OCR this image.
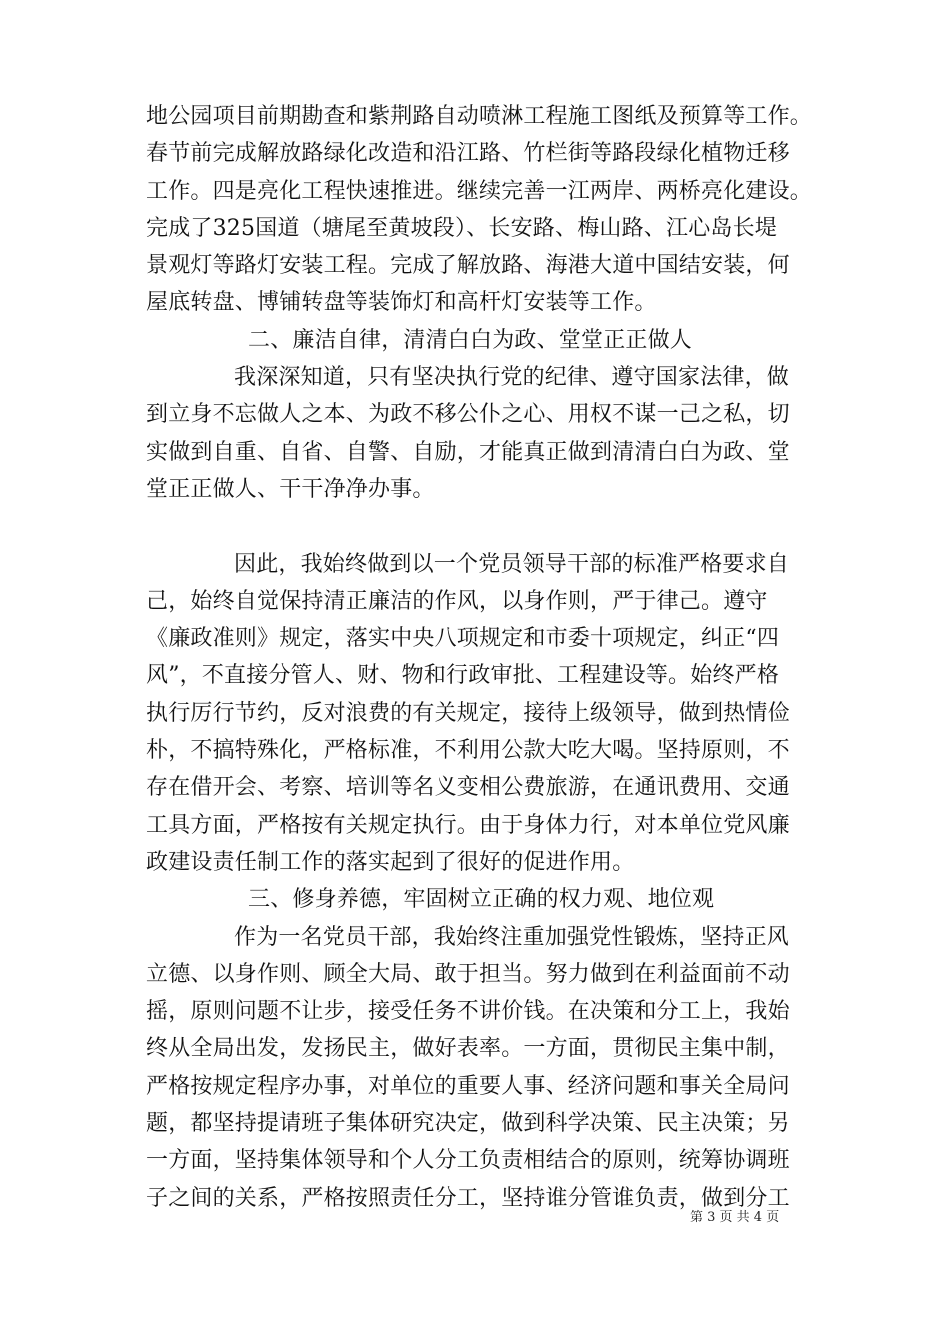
地公园项目前期勘查和紫荆路自动喷淋工程施工图纸及预算等工作。
春节前完成解放路绿化改造和沿江路、竹栏街等路段绿化植物迁移
工作。四是亮化工程快速推进。继续完善一江两岸、两桥亮化建设。
完成了325国道（塘尾至黄坡段）、长安路、梅山路、江心岛长堤
景观灯等路灯安装工程。完成了解放路、海港大道中国结安装，何
屋底转盘、博铺转盘等装饰灯和高杆灯安装等工作。
二、廉洁自律，清清白白为政、堂堂正正做人
我深深知道，只有坚决执行党的纪律、遵守国家法律，做
到立身不忘做人之本、为政不移公仆之心、用权不谋一己之私，切
实做到自重、自省、自警、自励，才能真正做到清清白白为政、堂
堂正正做人、干干净净办事。
因此，我始终做到以一个党员领导干部的标准严格要求自
己，始终自觉保持清正廉洁的作风，以身作则，严于律己。遵守
《廉政准则》规定，落实中央八项规定和市委十项规定，纠正“四
风”，不直接分管人、财、物和行政审批、工程建设等。始终严格
执行厉行节约，反对浪费的有关规定，接待上级领导，做到热情俭
朴，不搞特殊化，严格标准，不利用公款大吃大喝。坚持原则，不
存在借开会、考察、培训等名义变相公费旅游，在通讯费用、交通
工具方面，严格按有关规定执行。由于身体力行，对本单位党风廉
政建设责任制工作的落实起到了很好的促进作用。
三、修身养德，牢固树立正确的权力观、地位观
作为一名党员干部，我始终注重加强党性锻炼，坚持正风
立德、以身作则、顾全大局、敢于担当。努力做到在利益面前不动
摇，原则问题不让步，接受任务不讲价钱。在决策和分工上，我始
终从全局出发，发扬民主，做好表率。一方面，贯彻民主集中制，
严格按规定程序办事，对单位的重要人事、经济问题和事关全局问
题，都坚持提请班子集体研究决定，做到科学决策、民主决策；另
一方面，坚持集体领导和个人分工负责相结合的原则，统筹协调班
子之间的关系，严格按照责任分工，坚持谁分管谁负责，做到分工
第 3 页 共 4 页
